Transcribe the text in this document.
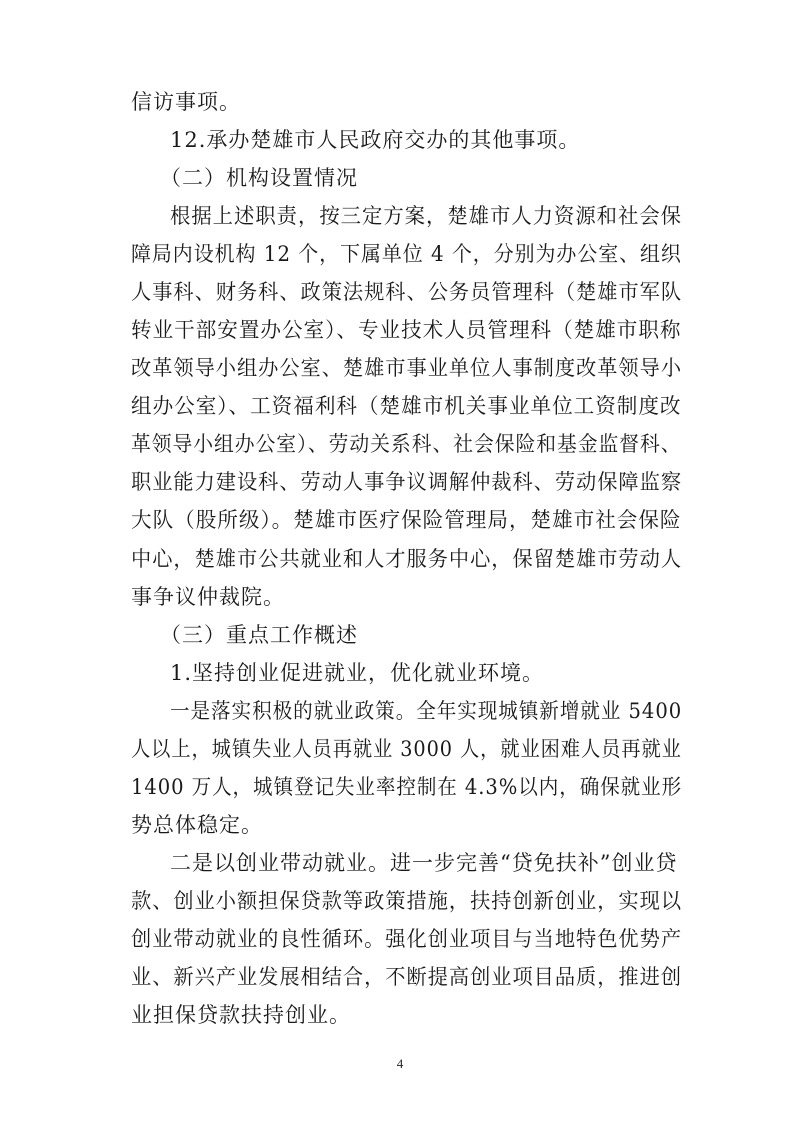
信访事项。
12.承办楚雄市人民政府交办的其他事项。
（二）机构设置情况
根据上述职责，按三定方案，楚雄市人力资源和社会保
障局内设机构 12 个，下属单位 4 个，分别为办公室、组织
人事科、财务科、政策法规科、公务员管理科（楚雄市军队
转业干部安置办公室）、专业技术人员管理科（楚雄市职称
改革领导小组办公室、楚雄市事业单位人事制度改革领导小
组办公室）、工资福利科（楚雄市机关事业单位工资制度改
革领导小组办公室）、劳动关系科、社会保险和基金监督科、
职业能力建设科、劳动人事争议调解仲裁科、劳动保障监察
大队（股所级）。楚雄市医疗保险管理局，楚雄市社会保险
中心，楚雄市公共就业和人才服务中心，保留楚雄市劳动人
事争议仲裁院。
（三）重点工作概述
1.坚持创业促进就业，优化就业环境。
一是落实积极的就业政策。全年实现城镇新增就业 5400
人以上，城镇失业人员再就业 3000 人，就业困难人员再就业
1400 万人，城镇登记失业率控制在 4.3%以内，确保就业形
势总体稳定。
二是以创业带动就业。进一步完善“贷免扶补”创业贷
款、创业小额担保贷款等政策措施，扶持创新创业，实现以
创业带动就业的良性循环。强化创业项目与当地特色优势产
业、新兴产业发展相结合，不断提高创业项目品质，推进创
业担保贷款扶持创业。
4
